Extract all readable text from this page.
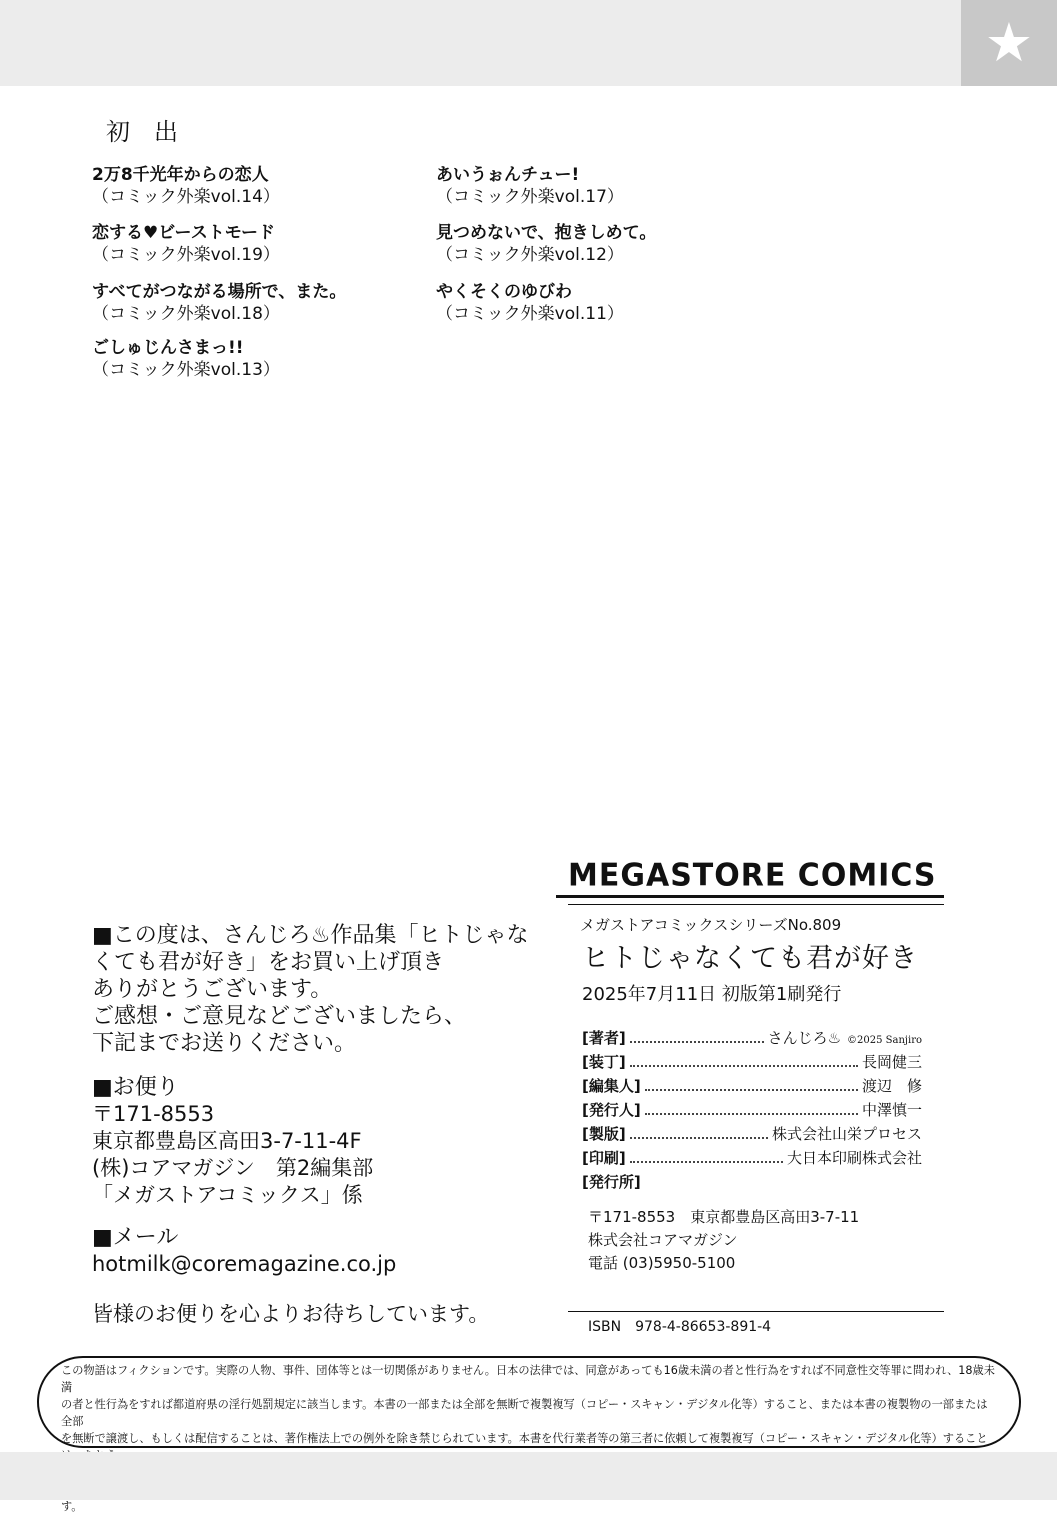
★
初出
2万8千光年からの恋人
（コミック外楽vol.14）
あいうぉんチュー!
（コミック外楽vol.17）
恋する♥ビーストモード
（コミック外楽vol.19）
見つめないで、抱きしめて。
（コミック外楽vol.12）
すべてがつながる場所で、また。
（コミック外楽vol.18）
やくそくのゆびわ
（コミック外楽vol.11）
ごしゅじんさまっ!!
（コミック外楽vol.13）
■この度は、さんじろ♨作品集「ヒトじゃな
くても君が好き」をお買い上げ頂き
ありがとうございます。
ご感想・ご意見などございましたら、
下記までお送りください。
■お便り
〒171-8553
東京都豊島区高田3-7-11-4F
(株)コアマガジン　第2編集部
「メガストアコミックス」係
■メール
hotmilk@coremagazine.co.jp
皆様のお便りを心よりお待ちしています。
MEGASTORE COMICS
メガストアコミックスシリーズNo.809
ヒトじゃなくても君が好き
2025年7月11日 初版第1刷発行
[著者]	さんじろ♨ ©2025 Sanjiro
[装丁]	長岡健三
[編集人]	渡辺　修
[発行人]	中澤慎一
[製版]	株式会社山栄プロセス
[印刷]	大日本印刷株式会社
[発行所]
〒171-8553　東京都豊島区高田3-7-11
株式会社コアマガジン
電話 (03)5950-5100
ISBN　978-4-86653-891-4
この物語はフィクションです。実際の人物、事件、団体等とは一切関係がありません。日本の法律では、同意があっても16歳未満の者と性行為をすれば不同意性交等罪に問われ、18歳未満
の者と性行為をすれば都道府県の淫行処罰規定に該当します。本書の一部または全部を無断で複製複写（コピー・スキャン・デジタル化等）すること、または本書の複製物の一部または全部
を無断で譲渡し、もしくは配信することは、著作権法上での例外を除き禁じられています。本書を代行業者等の第三者に依頼して複製複写（コピー・スキャン・デジタル化等）すること
す。
